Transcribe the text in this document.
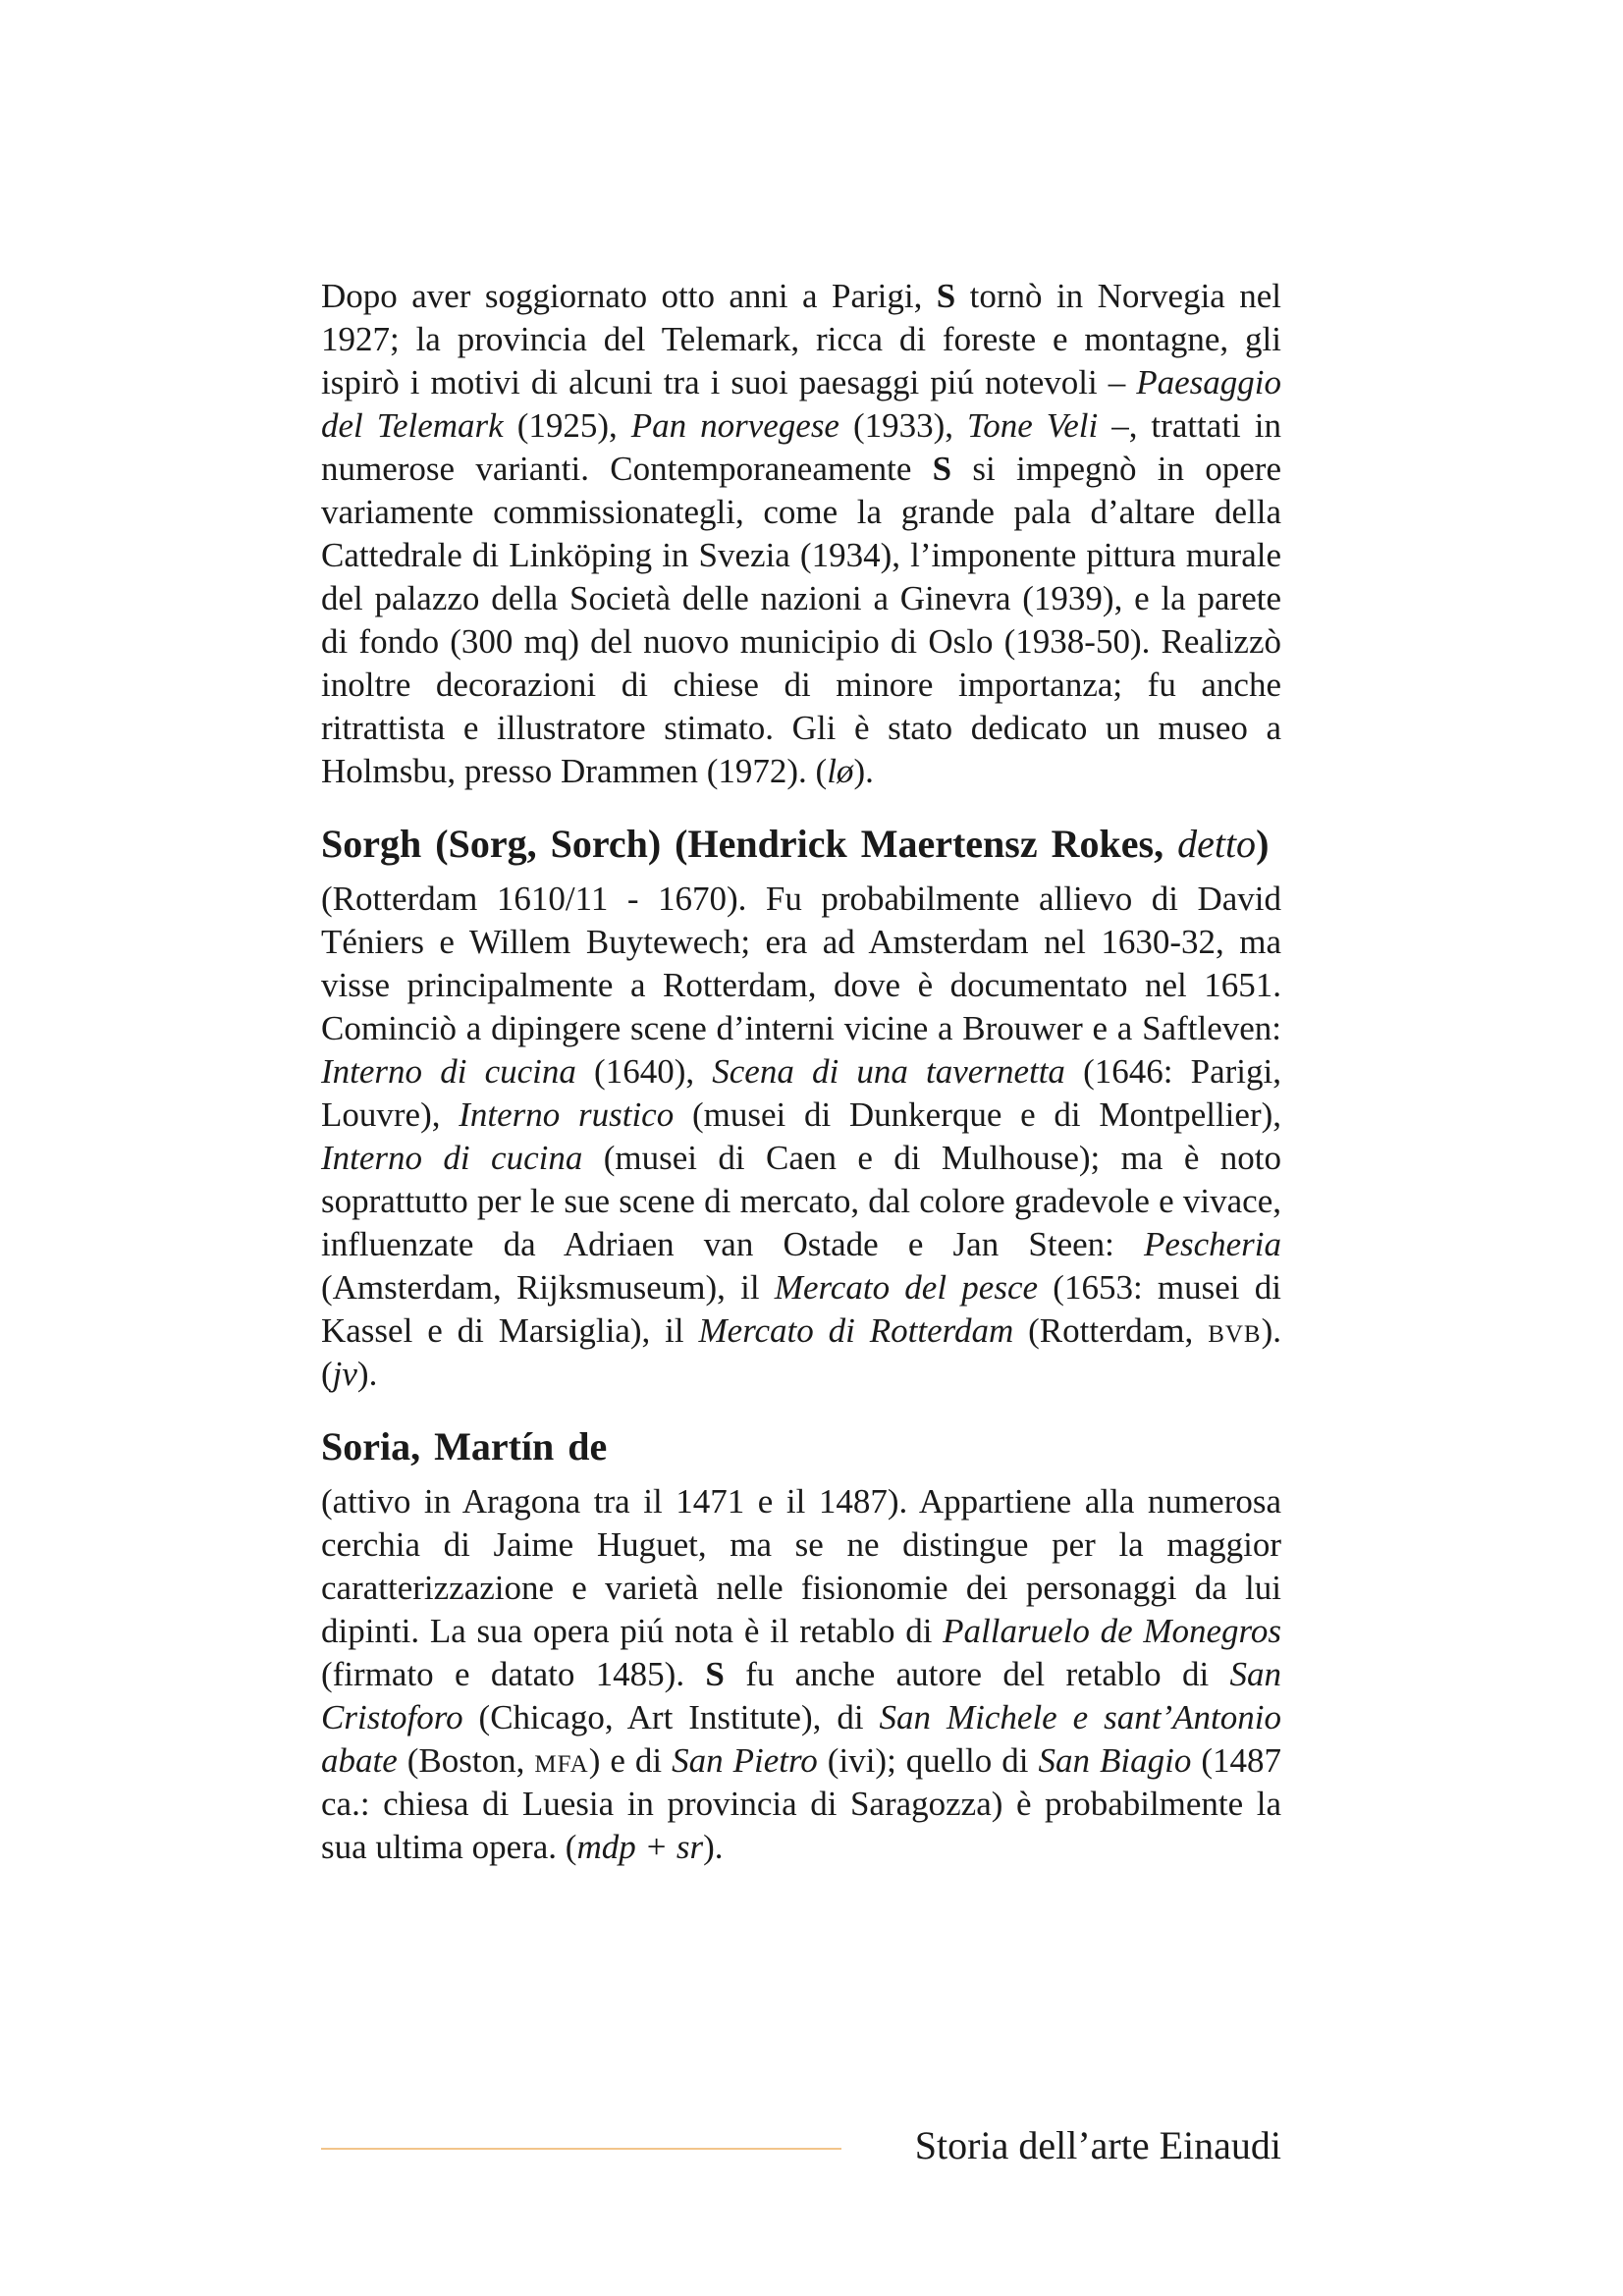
Dopo aver soggiornato otto anni a Parigi, S tornò in Norvegia nel 1927; la provincia del Telemark, ricca di foreste e montagne, gli ispirò i motivi di alcuni tra i suoi paesaggi piú notevoli – Paesaggio del Telemark (1925), Pan norvegese (1933), Tone Veli –, trattati in numerose varianti. Contemporaneamente S si impegnò in opere variamente commissionategli, come la grande pala d’altare della Cattedrale di Linköping in Svezia (1934), l’imponente pittura murale del palazzo della Società delle nazioni a Ginevra (1939), e la parete di fondo (300 mq) del nuovo municipio di Oslo (1938-50). Realizzò inoltre decorazioni di chiese di minore importanza; fu anche ritrattista e illustratore stimato. Gli è stato dedicato un museo a Holmsbu, presso Drammen (1972). (lø).

Sorgh (Sorg, Sorch) (Hendrick Maertensz Rokes, detto)

(Rotterdam 1610/11 - 1670). Fu probabilmente allievo di David Téniers e Willem Buytewech; era ad Amsterdam nel 1630-32, ma visse principalmente a Rotterdam, dove è documentato nel 1651. Cominciò a dipingere scene d’interni vicine a Brouwer e a Saftleven: Interno di cucina (1640), Scena di una tavernetta (1646: Parigi, Louvre), Interno rustico (musei di Dunkerque e di Montpellier), Interno di cucina (musei di Caen e di Mulhouse); ma è noto soprattutto per le sue scene di mercato, dal colore gradevole e vivace, influenzate da Adriaen van Ostade e Jan Steen: Pescheria (Amsterdam, Rijksmuseum), il Mercato del pesce (1653: musei di Kassel e di Marsiglia), il Mercato di Rotterdam (Rotterdam, bvb). (jv).

Soria, Martín de

(attivo in Aragona tra il 1471 e il 1487). Appartiene alla numerosa cerchia di Jaime Huguet, ma se ne distingue per la maggior caratterizzazione e varietà nelle fisionomie dei personaggi da lui dipinti. La sua opera piú nota è il retablo di Pallaruelo de Monegros (firmato e datato 1485). S fu anche autore del retablo di San Cristoforo (Chicago, Art Institute), di San Michele e sant’Antonio abate (Boston, mfa) e di San Pietro (ivi); quello di San Biagio (1487 ca.: chiesa di Luesia in provincia di Saragozza) è probabilmente la sua ultima opera. (mdp + sr).

Storia dell’arte Einaudi
